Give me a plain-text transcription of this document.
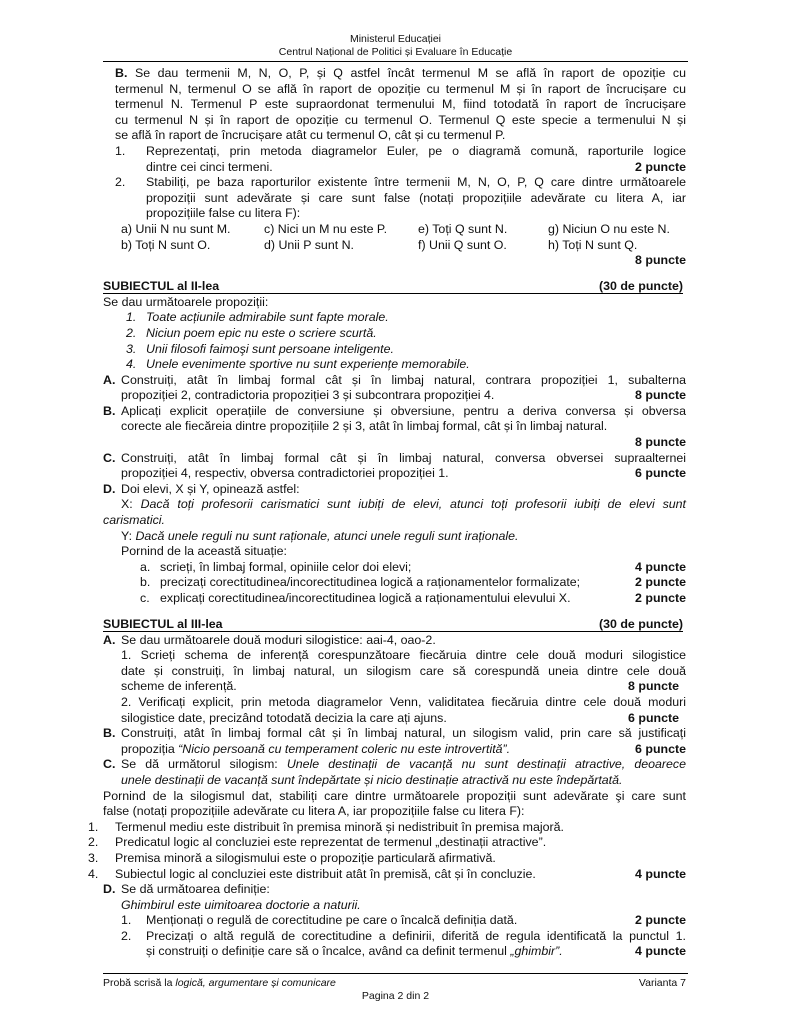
Ministerul Educației
Centrul Național de Politici și Evaluare în Educație
B. Se dau termenii M, N, O, P, și Q astfel încât termenul M se află în raport de opoziție cu
termenul N, termenul O se află în raport de opoziție cu termenul M și în raport de încrucișare cu
termenul N. Termenul P este supraordonat termenului M, fiind totodată în raport de încrucișare
cu termenul N și în raport de opoziție cu termenul O. Termenul Q este specie a termenului N și
se află în raport de încrucișare atât cu termenul O, cât și cu termenul P.
1. Reprezentați, prin metoda diagramelor Euler, pe o diagramă comună, raporturile logice
dintre cei cinci termeni.	2 puncte
2. Stabiliți, pe baza raporturilor existente între termenii M, N, O, P, Q care dintre următoarele
propoziții sunt adevărate și care sunt false (notați propozițiile adevărate cu litera A, iar
propozițiile false cu litera F):
a) Unii N nu sunt M.	c) Nici un M nu este P. e) Toți Q sunt N.	g) Niciun O nu este N.
b) Toți N sunt O.	d) Unii P sunt N.	f) Unii Q sunt O.	h) Toți N sunt Q.
8 puncte
SUBIECTUL al II-lea	(30 de puncte)
Se dau următoarele propoziții:
1. Toate acțiunile admirabile sunt fapte morale.
2. Niciun poem epic nu este o scriere scurtă.
3. Unii filosofi faimoşi sunt persoane inteligente.
4. Unele evenimente sportive nu sunt experiențe memorabile.
A. Construiți, atât în limbaj formal cât și în limbaj natural, contrara propoziției 1, subalterna
propoziției 2, contradictoria propoziției 3 și subcontrara propoziției 4.	8 puncte
B. Aplicați explicit operațiile de conversiune și obversiune, pentru a deriva conversa și obversa
corecte ale fiecăreia dintre propozițiile 2 și 3, atât în limbaj formal, cât și în limbaj natural.
8 puncte
C. Construiți, atât în limbaj formal cât și în limbaj natural, conversa obversei supraalternei
propoziției 4, respectiv, obversa contradictoriei propoziției 1.	6 puncte
D. Doi elevi, X și Y, opinează astfel:
X: Dacă toți profesorii carismatici sunt iubiți de elevi, atunci toți profesorii iubiți de elevi sunt
carismatici.
Y: Dacă unele reguli nu sunt raționale, atunci unele reguli sunt iraționale.
Pornind de la această situație:
a. scrieți, în limbaj formal, opiniile celor doi elevi;	4 puncte
b. precizați corectitudinea/incorectitudinea logică a raționamentelor formalizate;	2 puncte
c. explicați corectitudinea/incorectitudinea logică a raționamentului elevului X.	2 puncte
SUBIECTUL al III-lea	(30 de puncte)
A. Se dau următoarele două moduri silogistice: aai-4, oao-2.
1. Scrieți schema de inferență corespunzătoare fiecăruia dintre cele două moduri silogistice
date și construiți, în limbaj natural, un silogism care să corespundă uneia dintre cele două
scheme de inferență.	8 puncte
2. Verificați explicit, prin metoda diagramelor Venn, validitatea fiecăruia dintre cele două moduri
silogistice date, precizând totodată decizia la care ați ajuns.	6 puncte
B. Construiți, atât în limbaj formal cât și în limbaj natural, un silogism valid, prin care să justificați
propoziția “Nicio persoană cu temperament coleric nu este introvertită”.	6 puncte
C. Se dă următorul silogism: Unele destinații de vacanță nu sunt destinații atractive, deoarece
unele destinații de vacanță sunt îndepărtate și nicio destinație atractivă nu este îndepărtată.
Pornind de la silogismul dat, stabiliți care dintre următoarele propoziții sunt adevărate şi care sunt
false (notați propozițiile adevărate cu litera A, iar propozițiile false cu litera F):
1. Termenul mediu este distribuit în premisa minoră și nedistribuit în premisa majoră.
2. Predicatul logic al concluziei este reprezentat de termenul „destinații atractive”.
3. Premisa minoră a silogismului este o propoziție particulară afirmativă.
4. Subiectul logic al concluziei este distribuit atât în premisă, cât și în concluzie.	4 puncte
D. Se dă următoarea definiție:
Ghimbirul este uimitoarea doctorie a naturii.
1. Menționați o regulă de corectitudine pe care o încalcă definiția dată.	2 puncte
2. Precizați o altă regulă de corectitudine a definirii, diferită de regula identificată la punctul 1.
și construiți o definiție care să o încalce, având ca definit termenul „ghimbir”.	4 puncte
Probă scrisă la logică, argumentare și comunicare	Varianta 7
Pagina 2 din 2
